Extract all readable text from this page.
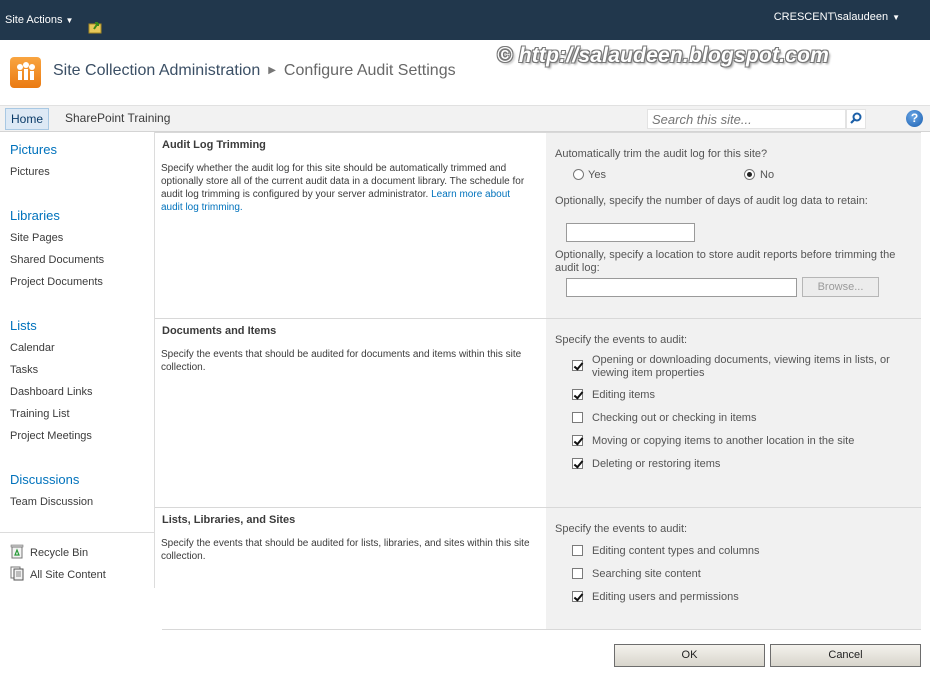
Site Actions ▼	CRESCENT\salaudeen ▼
Site Collection Administration ▶ Configure Audit Settings
© http://salaudeen.blogspot.com
Home	SharePoint Training
Search this site...	?
Pictures
Pictures
Libraries
Site Pages
Shared Documents
Project Documents
Lists
Calendar
Tasks
Dashboard Links
Training List
Project Meetings
Discussions
Team Discussion
Recycle Bin
All Site Content
Audit Log Trimming
Specify whether the audit log for this site should be automatically trimmed and optionally store all of the current audit data in a document library. The schedule for audit log trimming is configured by your server administrator. Learn more about audit log trimming.
Automatically trim the audit log for this site?
Yes	No
Optionally, specify the number of days of audit log data to retain:
Optionally, specify a location to store audit reports before trimming the audit log:
Browse...
Documents and Items
Specify the events that should be audited for documents and items within this site collection.
Specify the events to audit:
Opening or downloading documents, viewing items in lists, or viewing item properties
Editing items
Checking out or checking in items
Moving or copying items to another location in the site
Deleting or restoring items
Lists, Libraries, and Sites
Specify the events that should be audited for lists, libraries, and sites within this site collection.
Specify the events to audit:
Editing content types and columns
Searching site content
Editing users and permissions
OK	Cancel
